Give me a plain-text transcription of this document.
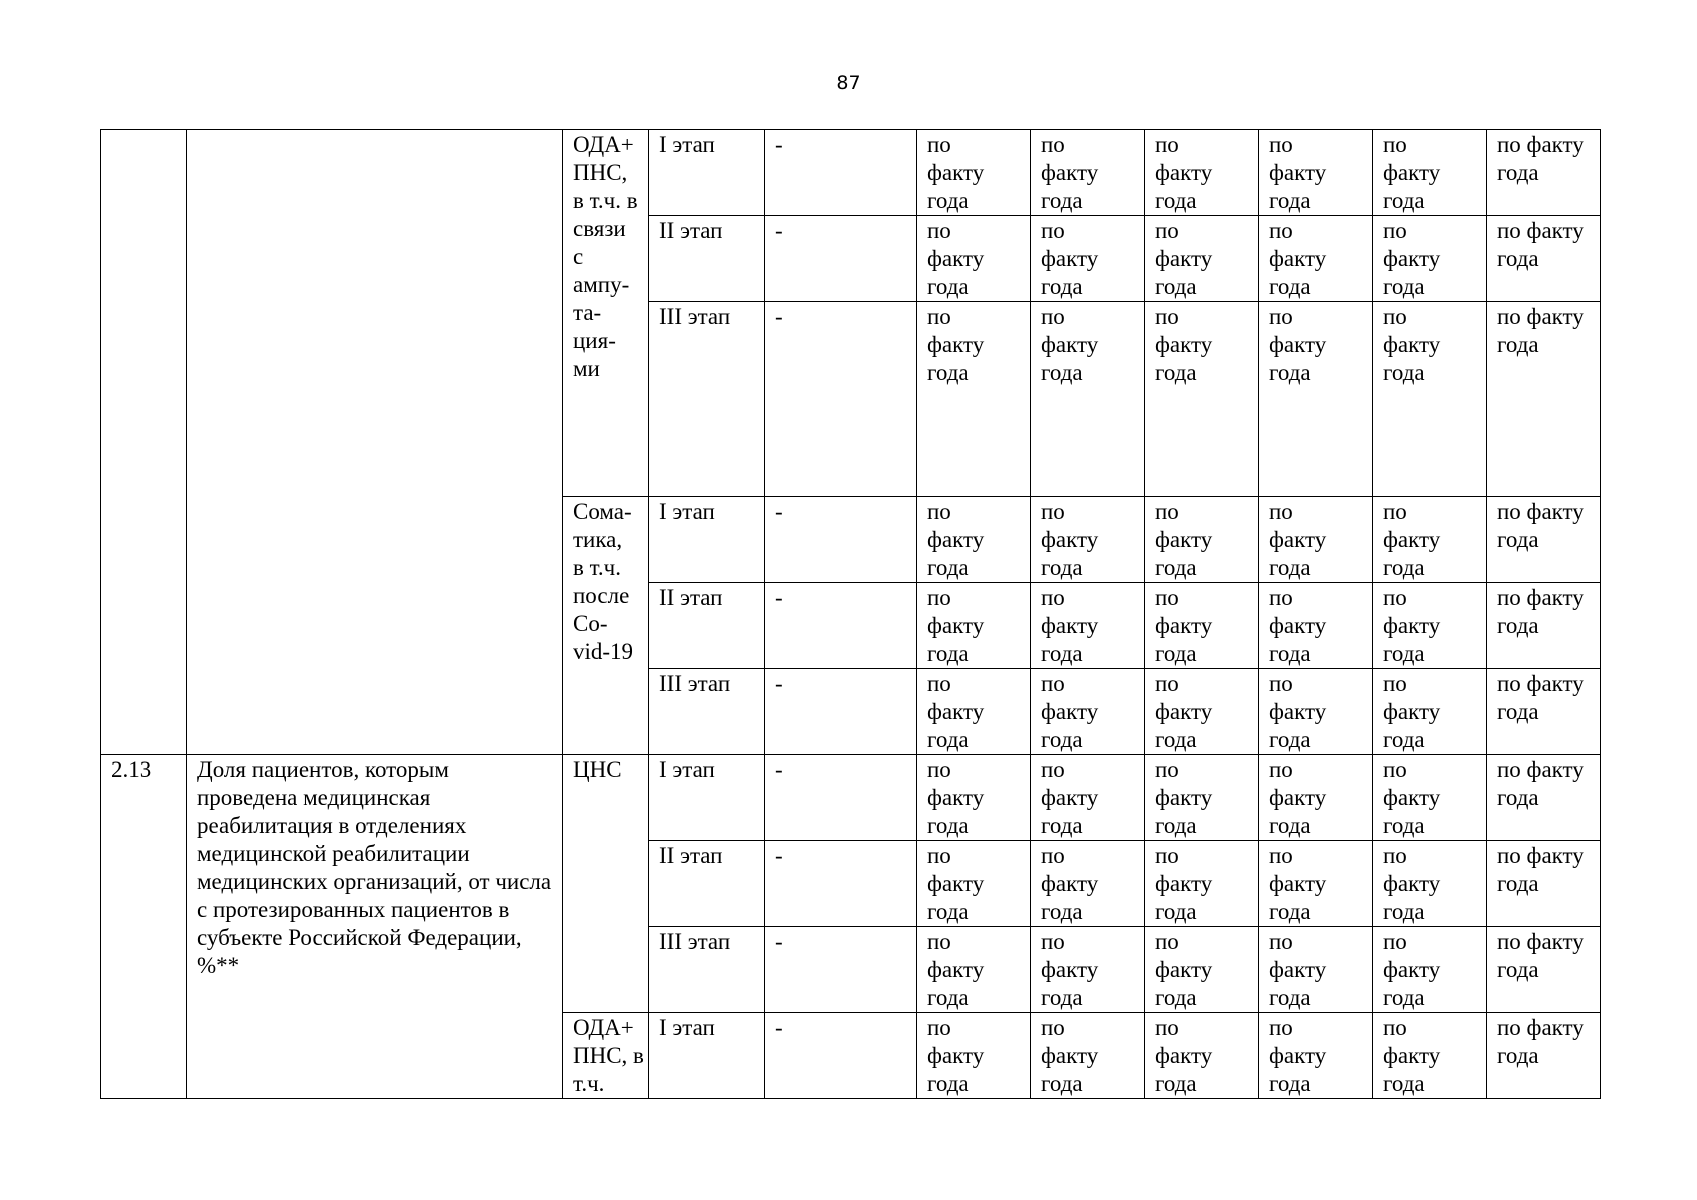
87
		ОДА+ ПНС, в т.ч. в связи с ампу-та-ция-ми	I этап	-	по факту года	по факту года	по факту года	по факту года	по факту года	по факту года
			II этап	-	по факту года	по факту года	по факту года	по факту года	по факту года	по факту года
			III этап	-	по факту года	по факту года	по факту года	по факту года	по факту года	по факту года
		Сома-тика, в т.ч. после Co-vid-19	I этап	-	по факту года	по факту года	по факту года	по факту года	по факту года	по факту года
			II этап	-	по факту года	по факту года	по факту года	по факту года	по факту года	по факту года
			III этап	-	по факту года	по факту года	по факту года	по факту года	по факту года	по факту года
2.13	Доля пациентов, которым проведена медицинская реабилитация в отделениях медицинской реабилитации медицинских организаций, от числа с протезированных пациентов в субъекте Российской Федерации, %**	ЦНС	I этап	-	по факту года	по факту года	по факту года	по факту года	по факту года	по факту года
			II этап	-	по факту года	по факту года	по факту года	по факту года	по факту года	по факту года
			III этап	-	по факту года	по факту года	по факту года	по факту года	по факту года	по факту года
		ОДА+ ПНС, в т.ч.	I этап	-	по факту года	по факту года	по факту года	по факту года	по факту года	по факту года
